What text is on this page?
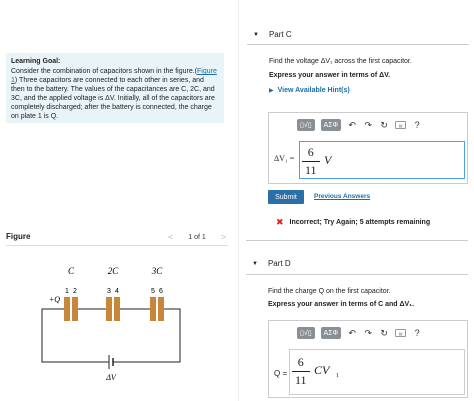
Learning Goal:
Consider the combination of capacitors shown in the figure.(Figure 1) Three capacitors are connected to each other in series, and then to the battery. The values of the capacitances are C, 2C, and 3C, and the applied voltage is ΔV. Initially, all of the capacitors are completely discharged; after the battery is connected, the charge on plate 1 is Q.
Figure	< 1 of 1 >
C	2C	3C
1 2	3 4	5 6
+Q
ΔV
▼ Part C
Find the voltage ΔV₁ across the first capacitor.
Express your answer in terms of ΔV.
▶ View Available Hint(s)
▯√▯	ΑΣΦ	↶ ↷ ↻	▤	?
ΔV₁ = 6
11
V
Submit	Previous Answers
✖ Incorrect; Try Again; 5 attempts remaining
▼ Part D
Find the charge Q on the first capacitor.
Express your answer in terms of C and ΔV₁.
▯√▯	ΑΣΦ	↶ ↷ ↻	▤	?
Q =
6
11
CV 1
